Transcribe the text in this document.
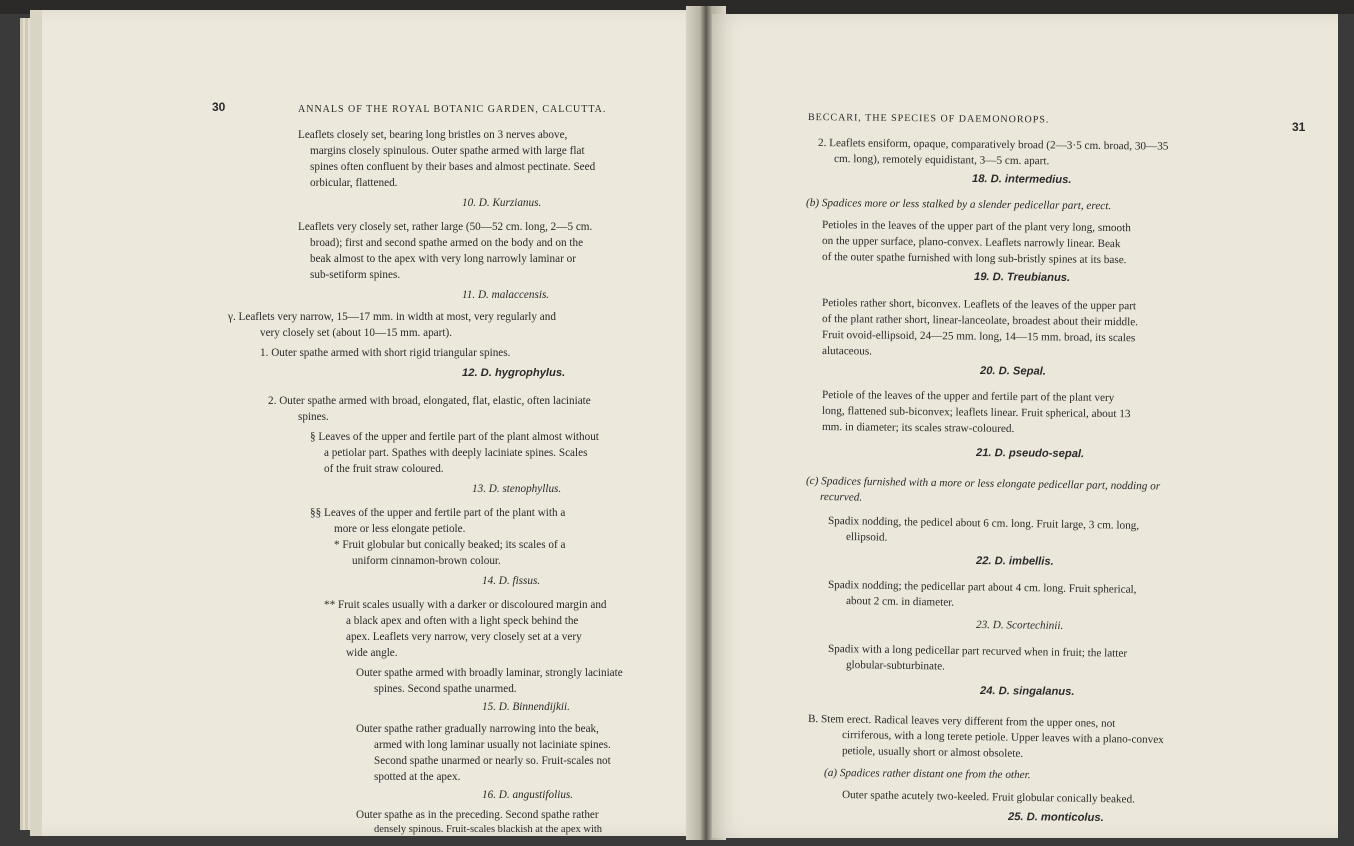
30	ANNALS OF THE ROYAL BOTANIC GARDEN, CALCUTTA.
Leaflets closely set, bearing long bristles on 3 nerves above,
margins closely spinulous. Outer spathe armed with large flat
spines often confluent by their bases and almost pectinate. Seed
orbicular, flattened.
10. D. Kurzianus.
Leaflets very closely set, rather large (50—52 cm. long, 2—5 cm.
broad); first and second spathe armed on the body and on the
beak almost to the apex with very long narrowly laminar or
sub-setiform spines.
11. D. malaccensis.
γ. Leaflets very narrow, 15—17 mm. in width at most, very regularly and
very closely set (about 10—15 mm. apart).
1. Outer spathe armed with short rigid triangular spines.
12. D. hygrophylus.
2. Outer spathe armed with broad, elongated, flat, elastic, often laciniate
spines.
§ Leaves of the upper and fertile part of the plant almost without
a petiolar part. Spathes with deeply laciniate spines. Scales
of the fruit straw coloured.
13. D. stenophyllus.
§§ Leaves of the upper and fertile part of the plant with a
more or less elongate petiole.
* Fruit globular but conically beaked; its scales of a
uniform cinnamon-brown colour.
14. D. fissus.
** Fruit scales usually with a darker or discoloured margin and
a black apex and often with a light speck behind the
apex. Leaflets very narrow, very closely set at a very
wide angle.
Outer spathe armed with broadly laminar, strongly laciniate
spines. Second spathe unarmed.
15. D. Binnendijkii.
Outer spathe rather gradually narrowing into the beak,
armed with long laminar usually not laciniate spines.
Second spathe unarmed or nearly so. Fruit-scales not
spotted at the apex.
16. D. angustifolius.
Outer spathe as in the preceding. Second spathe rather
densely spinous. Fruit-scales blackish at the apex with
BECCARI, THE SPECIES OF DAEMONOROPS.
31
2. Leaflets ensiform, opaque, comparatively broad (2—3·5 cm. broad, 30—35
cm. long), remotely equidistant, 3—5 cm. apart.
18. D. intermedius.
(b) Spadices more or less stalked by a slender pedicellar part, erect.
Petioles in the leaves of the upper part of the plant very long, smooth
on the upper surface, plano-convex. Leaflets narrowly linear. Beak
of the outer spathe furnished with long sub-bristly spines at its base.
19. D. Treubianus.
Petioles rather short, biconvex. Leaflets of the leaves of the upper part
of the plant rather short, linear-lanceolate, broadest about their middle.
Fruit ovoid-ellipsoid, 24—25 mm. long, 14—15 mm. broad, its scales
alutaceous.
20. D. Sepal.
Petiole of the leaves of the upper and fertile part of the plant very
long, flattened sub-biconvex; leaflets linear. Fruit spherical, about 13
mm. in diameter; its scales straw-coloured.
21. D. pseudo-sepal.
(c) Spadices furnished with a more or less elongate pedicellar part, nodding or
recurved.
Spadix nodding, the pedicel about 6 cm. long. Fruit large, 3 cm. long,
ellipsoid.
22. D. imbellis.
Spadix nodding; the pedicellar part about 4 cm. long. Fruit spherical,
about 2 cm. in diameter.
23. D. Scortechinii.
Spadix with a long pedicellar part recurved when in fruit; the latter
globular-subturbinate.
24. D. singalanus.
B. Stem erect. Radical leaves very different from the upper ones, not
cirriferous, with a long terete petiole. Upper leaves with a plano-convex
petiole, usually short or almost obsolete.
(a) Spadices rather distant one from the other.
Outer spathe acutely two-keeled. Fruit globular conically beaked.
25. D. monticolus.
